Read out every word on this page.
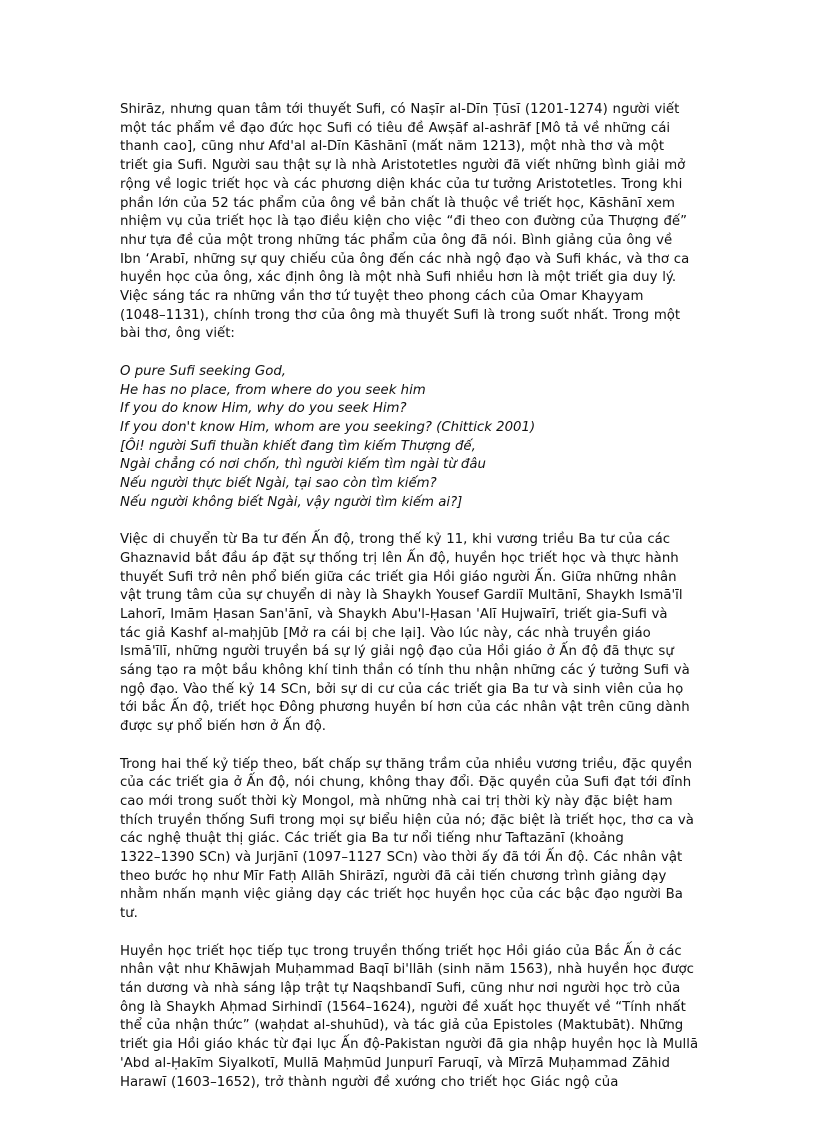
Shirāz, nhưng quan tâm tới thuyết Sufi, có Naṣīr al-Dīn Ṭūsī (1201-1274) người viết
một tác phẩm về đạo đức học Sufi có tiêu đề Awṣāf al-ashrāf [Mô tả về những cái
thanh cao], cũng như Afd'al al-Dīn Kāshānī (mất năm 1213), một nhà thơ và một
triết gia Sufi. Người sau thật sự là nhà Aristotetles người đã viết những bình giải mở
rộng về logic triết học và các phương diện khác của tư tưởng Aristotetles. Trong khi
phần lớn của 52 tác phẩm của ông về bản chất là thuộc về triết học, Kāshānī xem
nhiệm vụ của triết học là tạo điều kiện cho việc “đi theo con đường của Thượng đế”
như tựa đề của một trong những tác phẩm của ông đã nói. Bình giảng của ông về
Ibn ‘Arabī, những sự quy chiếu của ông đến các nhà ngộ đạo và Sufi khác, và thơ ca
huyền học của ông, xác định ông là một nhà Sufi nhiều hơn là một triết gia duy lý.
Việc sáng tác ra những vần thơ tứ tuyệt theo phong cách của Omar Khayyam
(1048–1131), chính trong thơ của ông mà thuyết Sufi là trong suốt nhất. Trong một
bài thơ, ông viết:

O pure Sufi seeking God,
He has no place, from where do you seek him
If you do know Him, why do you seek Him?
If you don't know Him, whom are you seeking? (Chittick 2001)
[Ôi! người Sufi thuần khiết đang tìm kiếm Thượng đế,
Ngài chẳng có nơi chốn, thì người kiếm tìm ngài từ đâu
Nếu người thực biết Ngài, tại sao còn tìm kiếm?
Nếu người không biết Ngài, vậy người tìm kiếm ai?]

Việc di chuyển từ Ba tư đến Ấn độ, trong thế kỷ 11, khi vương triều Ba tư của các
Ghaznavid bắt đầu áp đặt sự thống trị lên Ấn độ, huyền học triết học và thực hành
thuyết Sufi trở nên phổ biến giữa các triết gia Hồi giáo người Ấn. Giữa những nhân
vật trung tâm của sự chuyển di này là Shaykh Yousef Gardiī Multānī, Shaykh Ismā'īl
Lahorī, Imām Ḥasan San'ānī, và Shaykh Abu'l-Ḥasan 'Alī Hujwaīrī, triết gia-Sufi và
tác giả Kashf al-maḥjūb [Mở ra cái bị che lại]. Vào lúc này, các nhà truyền giáo
Ismā'īlī, những người truyền bá sự lý giải ngộ đạo của Hồi giáo ở Ấn độ đã thực sự
sáng tạo ra một bầu không khí tinh thần có tính thu nhận những các ý tưởng Sufi và
ngộ đạo. Vào thế kỷ 14 SCn, bởi sự di cư của các triết gia Ba tư và sinh viên của họ
tới bắc Ấn độ, triết học Đông phương huyền bí hơn của các nhân vật trên cũng dành
được sự phổ biến hơn ở Ấn độ.

Trong hai thế kỷ tiếp theo, bất chấp sự thăng trầm của nhiều vương triều, đặc quyền
của các triết gia ở Ấn độ, nói chung, không thay đổi. Đặc quyền của Sufi đạt tới đỉnh
cao mới trong suốt thời kỳ Mongol, mà những nhà cai trị thời kỳ này đặc biệt ham
thích truyền thống Sufi trong mọi sự biểu hiện của nó; đặc biệt là triết học, thơ ca và
các nghệ thuật thị giác. Các triết gia Ba tư nổi tiếng như Taftazānī (khoảng
1322–1390 SCn) và Jurjānī (1097–1127 SCn) vào thời ấy đã tới Ấn độ. Các nhân vật
theo bước họ như Mīr Fatḥ Allāh Shirāzī, người đã cải tiến chương trình giảng dạy
nhằm nhấn mạnh việc giảng dạy các triết học huyền học của các bậc đạo người Ba
tư.

Huyền học triết học tiếp tục trong truyền thống triết học Hồi giáo của Bắc Ấn ở các
nhân vật như Khāwjah Muḥammad Baqī bi'llāh (sinh năm 1563), nhà huyền học được
tán dương và nhà sáng lập trật tự Naqshbandī Sufi, cũng như nơi người học trò của
ông là Shaykh Aḥmad Sirhindī (1564–1624), người đề xuất học thuyết về “Tính nhất
thể của nhận thức” (waḥdat al-shuhūd), và tác giả của Epistoles (Maktubāt). Những
triết gia Hồi giáo khác từ đại lục Ấn độ-Pakistan người đã gia nhập huyền học là Mullā
'Abd al-Ḥakīm Siyalkotī, Mullā Maḥmūd Junpurī Faruqī, và Mīrzā Muḥammad Zāhid
Harawī (1603–1652), trở thành người đề xướng cho triết học Giác ngộ của
